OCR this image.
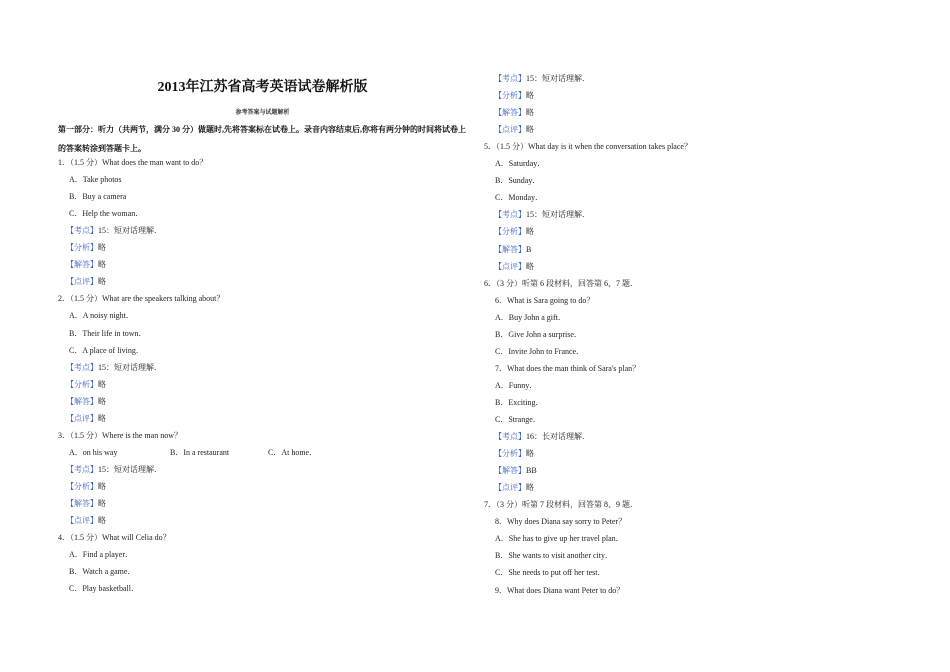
2013年江苏省高考英语试卷解析版
参考答案与试题解析
第一部分：听力（共两节，满分 30 分）做题时,先将答案标在试卷上。录音内容结束后,你将有两分钟的时间将试卷上的答案转涂到答题卡上。
1．（1.5 分）What does the man want to do？
A．Take photos
B．Buy a camera
C．Help the woman．
【考点】15：短对话理解．
【分析】略
【解答】略
【点评】略
2．（1.5 分）What are the speakers talking about？
A．A noisy night．
B．Their life in town．
C．A place of living．
【考点】15：短对话理解．
【分析】略
【解答】略
【点评】略
3．（1.5 分）Where is the man now？
A．on his way	B．In a restaurant	C．At home．
【考点】15：短对话理解．
【分析】略
【解答】略
【点评】略
4．（1.5 分）What will Celia do？
A．Find a player．
B．Watch a game．
C．Play basketball．
【考点】15：短对话理解．
【分析】略
【解答】略
【点评】略
5．（1.5 分）What day is it when the conversation takes place？
A．Saturday．
B．Sunday．
C．Monday．
【考点】15：短对话理解．
【分析】略
【解答】B
【点评】略
6．（3 分）听第 6 段材料，回答第 6、7 题．
6．What is Sara going to do？
A．Buy John a gift．
B．Give John a surprise．
C．Invite John to France．
7．What does the man think of Sara's plan？
A．Funny．
B．Exciting．
C．Strange．
【考点】16：长对话理解．
【分析】略
【解答】BB
【点评】略
7．（3 分）听第 7 段材料，回答第 8、9 题．
8．Why does Diana say sorry to Peter？
A．She has to give up her travel plan．
B．She wants to visit another city．
C．She needs to put off her test．
9．What does Diana want Peter to do？
